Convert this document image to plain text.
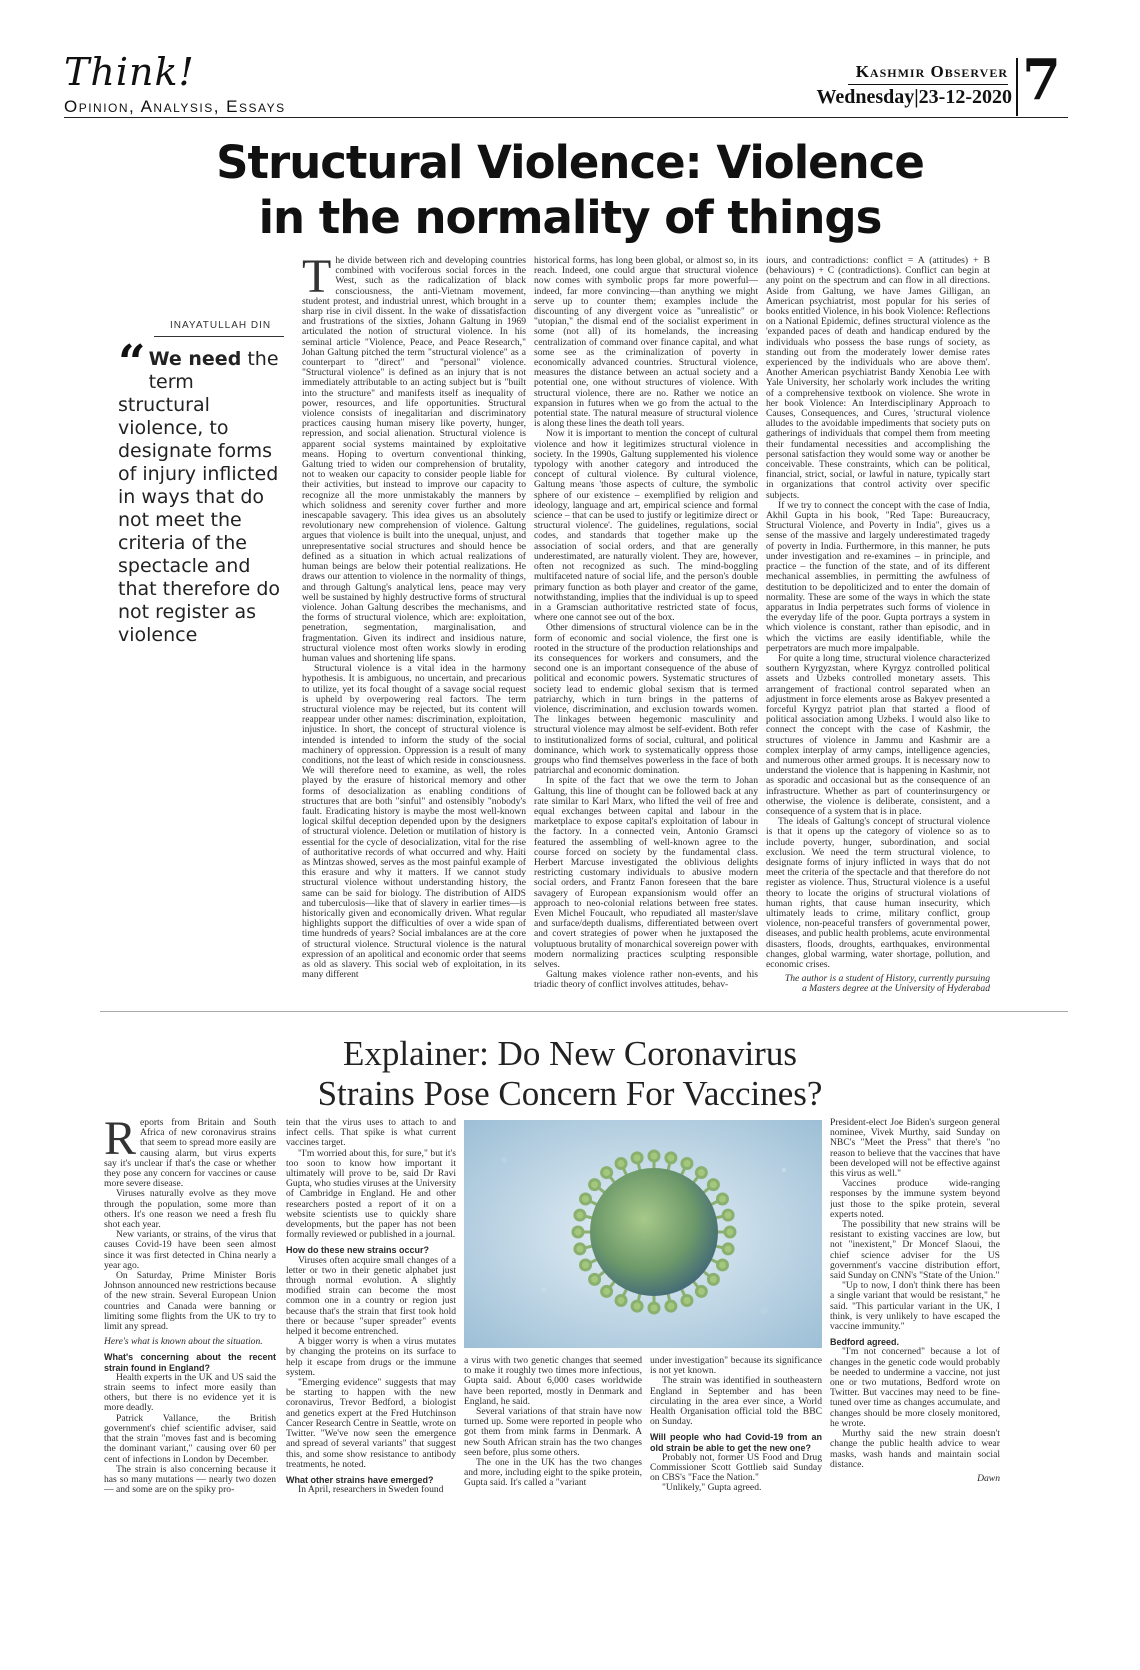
Think!
Opinion, Analysis, Essays
Kashmir Observer
Wednesday|23-12-2020 7
Structural Violence: Violence
in the normality of things
INAYATULLAH DIN
“ We need the term structural violence, to designate forms of injury inflicted in ways that do not meet the criteria of the spectacle and that therefore do not register as violence

The divide between rich and developing countries combined with vociferous social forces in the West, such as the radicalization of black consciousness, the anti-Vietnam movement, student protest, and industrial unrest, which brought in a sharp rise in civil dissent. In the wake of dissatisfaction and frustrations of the sixties, Johann Galtung in 1969 articulated the notion of structural violence. In his seminal article "Violence, Peace, and Peace Research," Johan Galtung pitched the term "structural violence" as a counterpart to "direct" and "personal" violence. "Structural violence" is defined as an injury that is not immediately attributable to an acting subject but is "built into the structure" and manifests itself as inequality of power, resources, and life opportunities. Structural violence consists of inegalitarian and discriminatory practices causing human misery like poverty, hunger, repression, and social alienation. Structural violence is apparent social systems maintained by exploitative means. Hoping to overturn conventional thinking, Galtung tried to widen our comprehension of brutality, not to weaken our capacity to consider people liable for their activities, but instead to improve our capacity to recognize all the more unmistakably the manners by which solidness and serenity cover further and more inescapable savagery. This idea gives us an absolutely revolutionary new comprehension of violence. Galtung argues that violence is built into the unequal, unjust, and unrepresentative social structures and should hence be defined as a situation in which actual realizations of human beings are below their potential realizations. He draws our attention to violence in the normality of things, and through Galtung's analytical lens, peace may very well be sustained by highly destructive forms of structural violence. Johan Galtung describes the mechanisms, and the forms of structural violence, which are: exploitation, penetration, segmentation, marginalisation, and fragmentation. Given its indirect and insidious nature, structural violence most often works slowly in eroding human values and shortening life spans.

Structural violence is a vital idea in the harmony hypothesis. It is ambiguous, no uncertain, and precarious to utilize, yet its focal thought of a savage social request is upheld by overpowering real factors. The term structural violence may be rejected, but its content will reappear under other names: discrimination, exploitation, injustice. In short, the concept of structural violence is intended is intended to inform the study of the social machinery of oppression. Oppression is a result of many conditions, not the least of which reside in consciousness. We will therefore need to examine, as well, the roles played by the erasure of historical memory and other forms of desocialization as enabling conditions of structures that are both "sinful" and ostensibly "nobody's fault. Eradicating history is maybe the most well-known logical skilful deception depended upon by the designers of structural violence. Deletion or mutilation of history is essential for the cycle of desocialization, vital for the rise of authoritative records of what occurred and why. Haiti as Mintzas showed, serves as the most painful example of this erasure and why it matters. If we cannot study structural violence without understanding history, the same can be said for biology. The distribution of AIDS and tuberculosis—like that of slavery in earlier times—is historically given and economically driven. What regular highlights support the difficulties of over a wide span of time hundreds of years? Social imbalances are at the core of structural violence. Structural violence is the natural expression of an apolitical and economic order that seems as old as slavery. This social web of exploitation, in its many different

historical forms, has long been global, or almost so, in its reach. Indeed, one could argue that structural violence now comes with symbolic props far more powerful—indeed, far more convincing—than anything we might serve up to counter them; examples include the discounting of any divergent voice as "unrealistic" or "utopian," the dismal end of the socialist experiment in some (not all) of its homelands, the increasing centralization of command over finance capital, and what some see as the criminalization of poverty in economically advanced countries. Structural violence, measures the distance between an actual society and a potential one, one without structures of violence. With structural violence, there are no. Rather we notice an expansion in futures when we go from the actual to the potential state. The natural measure of structural violence is along these lines the death toll years.

Now it is important to mention the concept of cultural violence and how it legitimizes structural violence in society. In the 1990s, Galtung supplemented his violence typology with another category and introduced the concept of cultural violence. By cultural violence, Galtung means 'those aspects of culture, the symbolic sphere of our existence – exemplified by religion and ideology, language and art, empirical science and formal science – that can be used to justify or legitimize direct or structural violence'. The guidelines, regulations, social codes, and standards that together make up the association of social orders, and that are generally underestimated, are naturally violent. They are, however, often not recognized as such. The mind-boggling multifaceted nature of social life, and the person's double primary function as both player and creator of the game, notwithstanding, implies that the individual is up to speed in a Gramscian authoritative restricted state of focus, where one cannot see out of the box.

Other dimensions of structural violence can be in the form of economic and social violence, the first one is rooted in the structure of the production relationships and its consequences for workers and consumers, and the second one is an important consequence of the abuse of political and economic powers. Systematic structures of society lead to endemic global sexism that is termed patriarchy, which in turn brings in the patterns of violence, discrimination, and exclusion towards women. The linkages between hegemonic masculinity and structural violence may almost be self-evident. Both refer to institutionalized forms of social, cultural, and political dominance, which work to systematically oppress those groups who find themselves powerless in the face of both patriarchal and economic domination.

In spite of the fact that we owe the term to Johan Galtung, this line of thought can be followed back at any rate similar to Karl Marx, who lifted the veil of free and equal exchanges between capital and labour in the marketplace to expose capital's exploitation of labour in the factory. In a connected vein, Antonio Gramsci featured the assembling of well-known agree to the course forced on society by the fundamental class. Herbert Marcuse investigated the oblivious delights restricting customary individuals to abusive modern social orders, and Frantz Fanon foreseen that the bare savagery of European expansionism would offer an approach to neo-colonial relations between free states. Even Michel Foucault, who repudiated all master/slave and surface/depth dualisms, differentiated between overt and covert strategies of power when he juxtaposed the voluptuous brutality of monarchical sovereign power with modern normalizing practices sculpting responsible selves.

Galtung makes violence rather non-events, and his triadic theory of conflict involves attitudes, behav-

iours, and contradictions: conflict = A (attitudes) + B (behaviours) + C (contradictions). Conflict can begin at any point on the spectrum and can flow in all directions. Aside from Galtung, we have James Gilligan, an American psychiatrist, most popular for his series of books entitled Violence, in his book Violence: Reflections on a National Epidemic, defines structural violence as the 'expanded paces of death and handicap endured by the individuals who possess the base rungs of society, as standing out from the moderately lower demise rates experienced by the individuals who are above them'. Another American psychiatrist Bandy Xenobia Lee with Yale University, her scholarly work includes the writing of a comprehensive textbook on violence. She wrote in her book Violence: An Interdisciplinary Approach to Causes, Consequences, and Cures, 'structural violence alludes to the avoidable impediments that society puts on gatherings of individuals that compel them from meeting their fundamental necessities and accomplishing the personal satisfaction they would some way or another be conceivable. These constraints, which can be political, financial, strict, social, or lawful in nature, typically start in organizations that control activity over specific subjects.

If we try to connect the concept with the case of India, Akhil Gupta in his book, "Red Tape: Bureaucracy, Structural Violence, and Poverty in India", gives us a sense of the massive and largely underestimated tragedy of poverty in India. Furthermore, in this manner, he puts under investigation and re-examines – in principle, and practice – the function of the state, and of its different mechanical assemblies, in permitting the awfulness of destitution to be depoliticized and to enter the domain of normality. These are some of the ways in which the state apparatus in India perpetrates such forms of violence in the everyday life of the poor. Gupta portrays a system in which violence is constant, rather than episodic, and in which the victims are easily identifiable, while the perpetrators are much more impalpable.

For quite a long time, structural violence characterized southern Kyrgyzstan, where Kyrgyz controlled political assets and Uzbeks controlled monetary assets. This arrangement of fractional control separated when an adjustment in force elements arose as Bakyev presented a forceful Kyrgyz patriot plan that started a flood of political association among Uzbeks. I would also like to connect the concept with the case of Kashmir, the structures of violence in Jammu and Kashmir are a complex interplay of army camps, intelligence agencies, and numerous other armed groups. It is necessary now to understand the violence that is happening in Kashmir, not as sporadic and occasional but as the consequence of an infrastructure. Whether as part of counterinsurgency or otherwise, the violence is deliberate, consistent, and a consequence of a system that is in place.

The ideals of Galtung's concept of structural violence is that it opens up the category of violence so as to include poverty, hunger, subordination, and social exclusion. We need the term structural violence, to designate forms of injury inflicted in ways that do not meet the criteria of the spectacle and that therefore do not register as violence. Thus, Structural violence is a useful theory to locate the origins of structural violations of human rights, that cause human insecurity, which ultimately leads to crime, military conflict, group violence, non-peaceful transfers of governmental power, diseases, and public health problems, acute environmental disasters, floods, droughts, earthquakes, environmental changes, global warming, water shortage, pollution, and economic crises.

The author is a student of History, currently pursuing
a Masters degree at the University of Hyderabad
Explainer: Do New Coronavirus
Strains Pose Concern For Vaccines?

Reports from Britain and South Africa of new coronavirus strains that seem to spread more easily are causing alarm, but virus experts say it's unclear if that's the case or whether they pose any concern for vaccines or cause more severe disease.

Viruses naturally evolve as they move through the population, some more than others. It's one reason we need a fresh flu shot each year.

New variants, or strains, of the virus that causes Covid-19 have been seen almost since it was first detected in China nearly a year ago.

On Saturday, Prime Minister Boris Johnson announced new restrictions because of the new strain. Several European Union countries and Canada were banning or limiting some flights from the UK to try to limit any spread.

Here's what is known about the situation.

What's concerning about the recent strain found in England?

Health experts in the UK and US said the strain seems to infect more easily than others, but there is no evidence yet it is more deadly.

Patrick Vallance, the British government's chief scientific adviser, said that the strain "moves fast and is becoming the dominant variant," causing over 60 per cent of infections in London by December.

The strain is also concerning because it has so many mutations — nearly two dozen — and some are on the spiky pro-

tein that the virus uses to attach to and infect cells. That spike is what current vaccines target.

"I'm worried about this, for sure," but it's too soon to know how important it ultimately will prove to be, said Dr Ravi Gupta, who studies viruses at the University of Cambridge in England. He and other researchers posted a report of it on a website scientists use to quickly share developments, but the paper has not been formally reviewed or published in a journal.

How do these new strains occur?

Viruses often acquire small changes of a letter or two in their genetic alphabet just through normal evolution. A slightly modified strain can become the most common one in a country or region just because that's the strain that first took hold there or because "super spreader" events helped it become entrenched.

A bigger worry is when a virus mutates by changing the proteins on its surface to help it escape from drugs or the immune system.

"Emerging evidence" suggests that may be starting to happen with the new coronavirus, Trevor Bedford, a biologist and genetics expert at the Fred Hutchinson Cancer Research Centre in Seattle, wrote on Twitter. "We've now seen the emergence and spread of several variants" that suggest this, and some show resistance to antibody treatments, he noted.

What other strains have emerged?

In April, researchers in Sweden found

a virus with two genetic changes that seemed to make it roughly two times more infectious, Gupta said. About 6,000 cases worldwide have been reported, mostly in Denmark and England, he said.

Several variations of that strain have now turned up. Some were reported in people who got them from mink farms in Denmark. A new South African strain has the two changes seen before, plus some others.

The one in the UK has the two changes and more, including eight to the spike protein, Gupta said. It's called a "variant

under investigation" because its significance is not yet known.

The strain was identified in southeastern England in September and has been circulating in the area ever since, a World Health Organisation official told the BBC on Sunday.

Will people who had Covid-19 from an old strain be able to get the new one?

Probably not, former US Food and Drug Commissioner Scott Gottlieb said Sunday on CBS's "Face the Nation."

"Unlikely," Gupta agreed.

President-elect Joe Biden's surgeon general nominee, Vivek Murthy, said Sunday on NBC's "Meet the Press" that there's "no reason to believe that the vaccines that have been developed will not be effective against this virus as well."

Vaccines produce wide-ranging responses by the immune system beyond just those to the spike protein, several experts noted.

The possibility that new strains will be resistant to existing vaccines are low, but not "inexistent," Dr Moncef Slaoui, the chief science adviser for the US government's vaccine distribution effort, said Sunday on CNN's "State of the Union."

"Up to now, I don't think there has been a single variant that would be resistant," he said. "This particular variant in the UK, I think, is very unlikely to have escaped the vaccine immunity."

Bedford agreed.

"I'm not concerned" because a lot of changes in the genetic code would probably be needed to undermine a vaccine, not just one or two mutations, Bedford wrote on Twitter. But vaccines may need to be fine-tuned over time as changes accumulate, and changes should be more closely monitored, he wrote.

Murthy said the new strain doesn't change the public health advice to wear masks, wash hands and maintain social distance.

Dawn
